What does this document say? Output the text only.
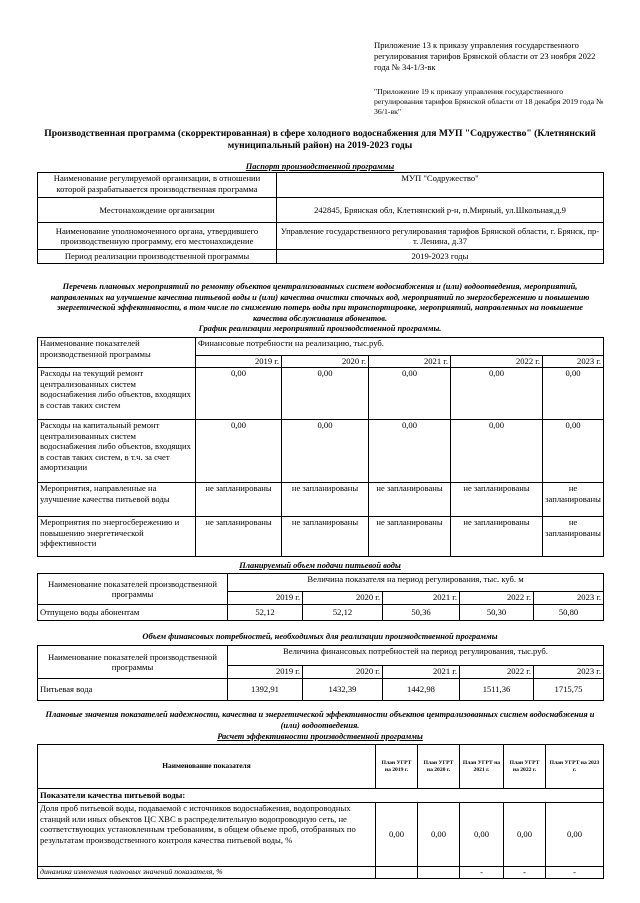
Приложение 13 к приказу управления государственного регулирования тарифов Брянской области от 23 ноября 2022 года № 34-1/3-вк
"Приложение 19 к приказу управления государственного регулирования тарифов Брянской области от 18 декабря 2019 года № 36/1-вк"
Производственная программа (скорректированная) в сфере холодного водоснабжения для МУП "Содружество" (Клетнянский муниципальный район) на 2019-2023 годы
Паспорт производственной программы
Наименование регулируемой организации, в отношении которой разрабатывается производственная программа	МУП "Содружество"
Местонахождение организации	242845, Брянская обл, Клетнянский р-н, п.Мирный, ул.Школьная,д.9
Наименование уполномоченного органа, утвердившего производственную программу, его местонахождение	Управление государственного регулирования тарифов Брянской области, г. Брянск, пр-т. Ленина, д.37
Период реализации производственной программы	2019-2023 годы
Перечень плановых мероприятий по ремонту объектов централизованных систем водоснабжения и (или) водоотведения, мероприятий, направленных на улучшение качества питьевой воды и (или) качества очистки сточных вод, мероприятий по энергосбережению и повышению энергетической эффективности, в том числе по снижению потерь воды при транспортировке, мероприятий, направленных на повышение качества обслуживания абонентов.
График реализации мероприятий производственной программы.
Наименование показателей производственной программы	Финансовые потребности на реализацию, тыс.руб.				
	2019 г.	2020 г.	2021 г.	2022 г.	2023 г.
Расходы на текущий ремонт централизованных систем водоснабжения либо объектов, входящих в состав таких систем	0,00	0,00	0,00	0,00	0,00
Расходы на капитальный ремонт централизованных систем водоснабжения либо объектов, входящих в состав таких систем, в т.ч. за счет амортизации	0,00	0,00	0,00	0,00	0,00
Мероприятия, направленные на улучшение качества питьевой воды	не запланированы	не запланированы	не запланированы	не запланированы	не запланированы
Мероприятия по энергосбережению и повышению энергетической эффективности	не запланированы	не запланированы	не запланированы	не запланированы	не запланированы
Планируемый объем подачи питьевой воды
Наименование показателей производственной программы	Величина показателя на период регулирования, тыс. куб. м				
	2019 г.	2020 г.	2021 г.	2022 г.	2023 г.
Отпущено воды абонентам	52,12	52,12	50,36	50,30	50,80
Объем финансовых потребностей, необходимых для реализации производственной программы
Наименование показателей производственной программы	Величина финансовых потребностей на период регулирования, тыс.руб.				
	2019 г.	2020 г.	2021 г.	2022 г.	2023 г.
Питьевая вода	1392,91	1432,39	1442,98	1511,36	1715,75
Плановые значения показателей надежности, качества и энергетической эффективности объектов централизованных систем водоснабжения и (или) водоотведения.
Расчет эффективности производственной программы
Наименование показателя	План УГРТ на 2019 г.	План УГРТ на 2020 г.	План УГРТ на 2021 г.	План УГРТ на 2022 г.	План УГРТ на 2023 г.
Показатели качества питьевой воды:					
Доля проб питьевой воды, подаваемой с источников водоснабжения, водопроводных станций или иных объектов ЦС ХВС в распределительную водопроводную сеть, не соответствующих установленным требованиям, в общем объеме проб, отобранных по результатам производственного контроля качества питьевой воды, %	0,00	0,00	0,00	0,00	0,00
динамика изменения плановых значений показателя, %			-	-	-
